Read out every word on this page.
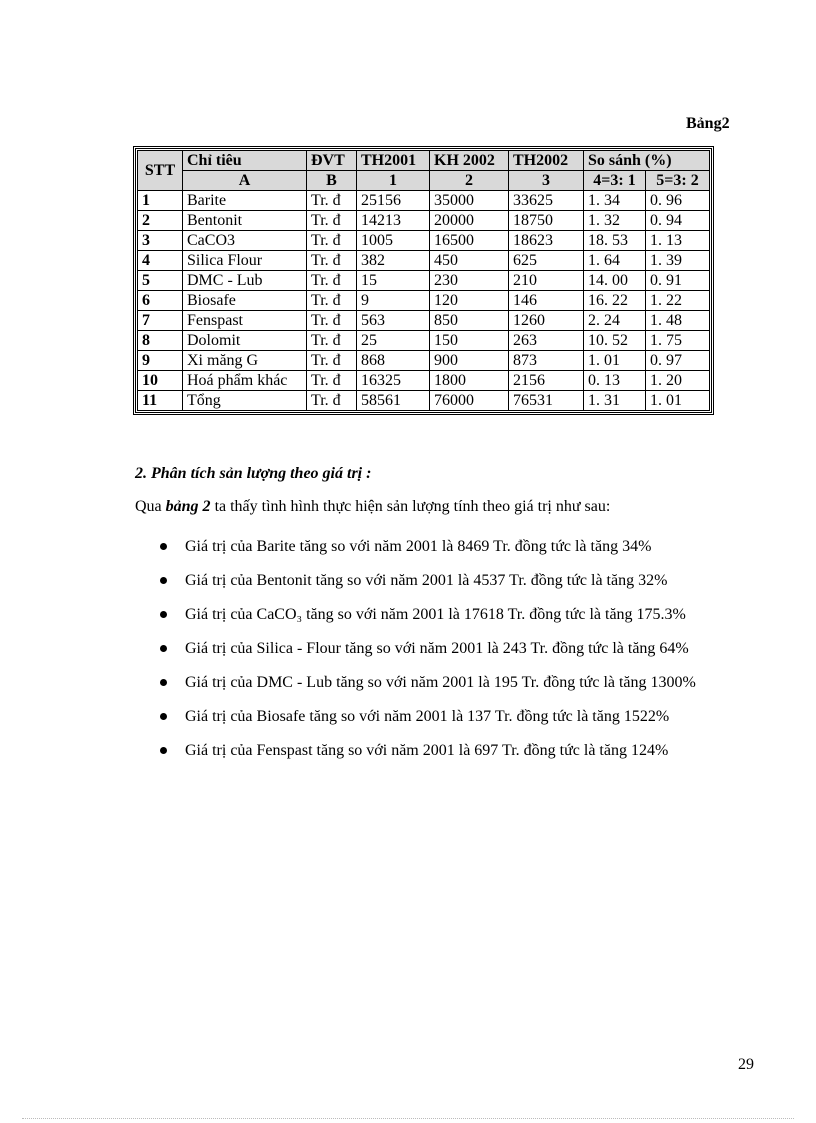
Bảng2
STT	Chỉ tiêu	ĐVT	TH2001	KH 2002	TH2002	So sánh (%)	
	A	B	1	2	3	4=3: 1	5=3: 2
1	Barite	Tr. đ	25156	35000	33625	1. 34	0. 96
2	Bentonit	Tr. đ	14213	20000	18750	1. 32	0. 94
3	CaCO3	Tr. đ	1005	16500	18623	18. 53	1. 13
4	Silica Flour	Tr. đ	382	450	625	1. 64	1. 39
5	DMC - Lub	Tr. đ	15	230	210	14. 00	0. 91
6	Biosafe	Tr. đ	9	120	146	16. 22	1. 22
7	Fenspast	Tr. đ	563	850	1260	2. 24	1. 48
8	Dolomit	Tr. đ	25	150	263	10. 52	1. 75
9	Xi măng G	Tr. đ	868	900	873	1. 01	0. 97
10	Hoá phẩm khác	Tr. đ	16325	1800	2156	0. 13	1. 20
11	Tổng	Tr. đ	58561	76000	76531	1. 31	1. 01
2. Phân tích sản lượng theo giá trị :
Qua bảng 2 ta thấy tình hình thực hiện sản lượng tính theo giá trị như sau:
Giá trị của Barite tăng so với năm 2001 là 8469 Tr. đồng tức là tăng 34%
Giá trị của Bentonit tăng so với năm 2001 là 4537 Tr. đồng tức là tăng 32%
Giá trị của CaCO₃ tăng so với năm 2001 là 17618 Tr. đồng tức là tăng 175.3%
Giá trị của Silica - Flour tăng so với năm 2001 là 243 Tr. đồng tức là tăng 64%
Giá trị của DMC - Lub tăng so với năm 2001 là 195 Tr. đồng tức là tăng 1300%
Giá trị của Biosafe tăng so với năm 2001 là 137 Tr. đồng tức là tăng 1522%
Giá trị của Fenspast tăng so với năm 2001 là 697 Tr. đồng tức là tăng 124%
29
